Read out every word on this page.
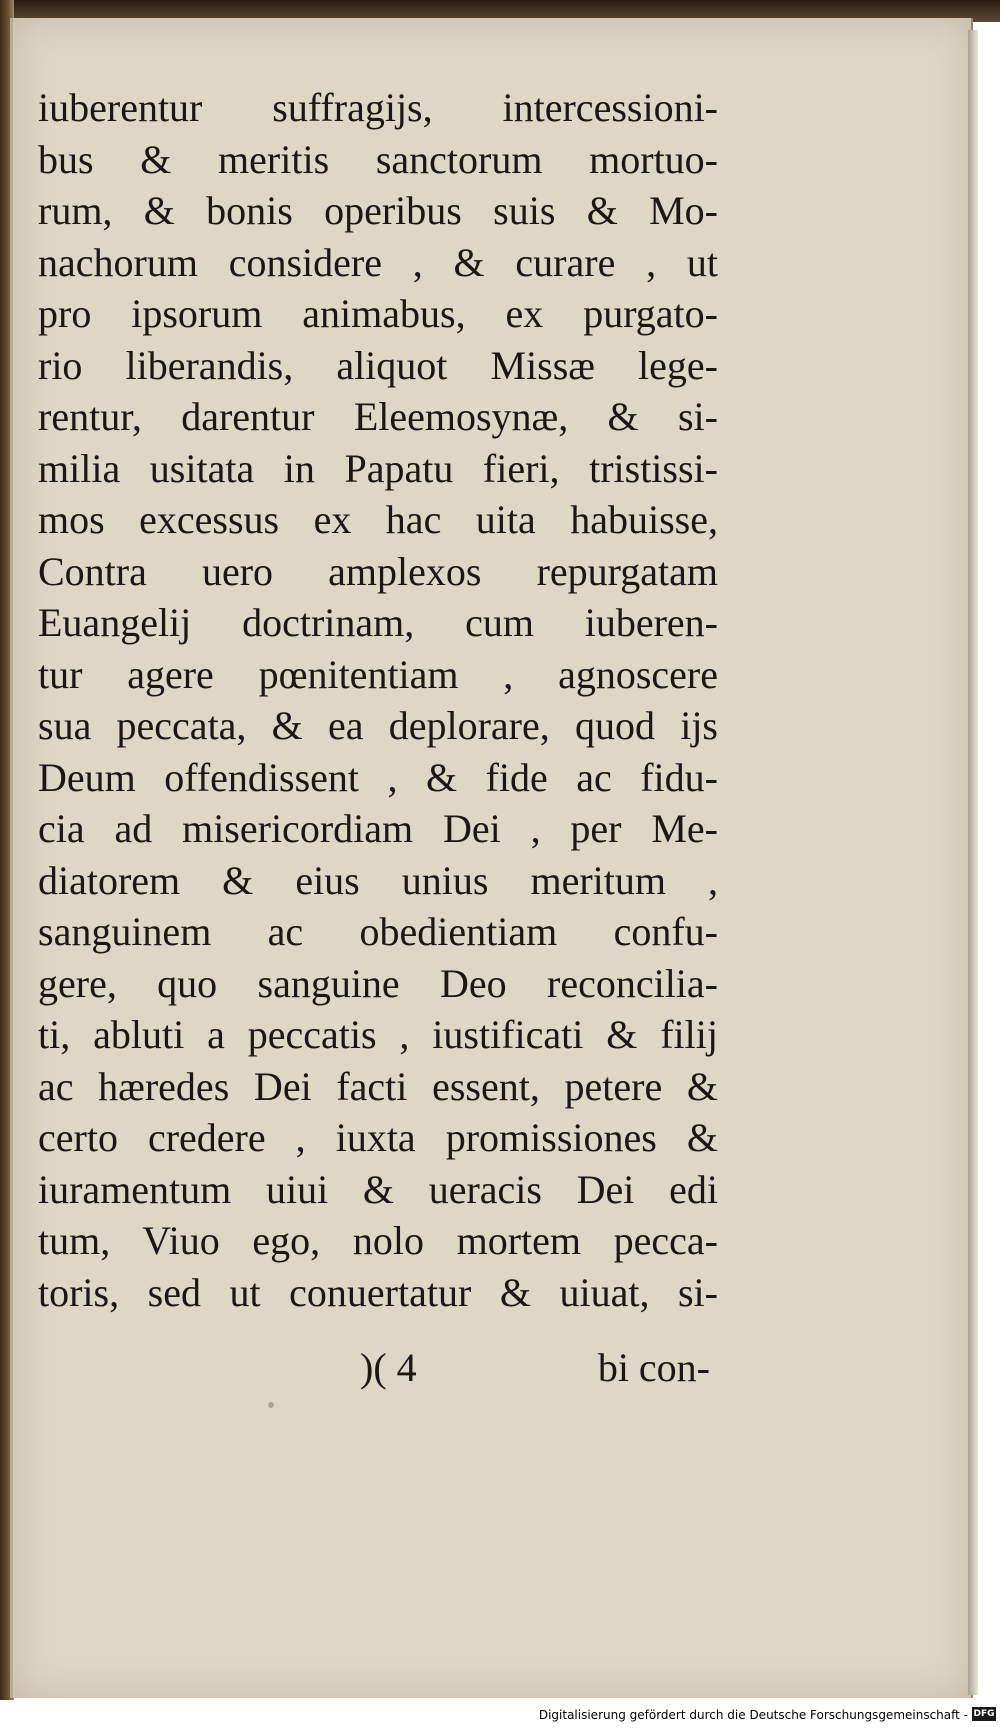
iuberentur suffragijs, intercessioni-
bus & meritis sanctorum mortuo-
rum, & bonis operibus suis & Mo-
nachorum considere , & curare , ut
pro ipsorum animabus, ex purgato-
rio liberandis, aliquot Missæ lege-
rentur, darentur Eleemosynæ, & si-
milia usitata in Papatu fieri, tristissi-
mos excessus ex hac uita habuisse,
Contra uero amplexos repurgatam
Euangelij doctrinam, cum iuberen-
tur agere pœnitentiam , agnoscere
sua peccata, & ea deplorare, quod ijs
Deum offendissent , & fide ac fidu-
cia ad misericordiam Dei , per Me-
diatorem & eius unius meritum ,
sanguinem ac obedientiam confu-
gere, quo sanguine Deo reconcilia-
ti, abluti a peccatis , iustificati & filij
ac hæredes Dei facti essent, petere &
certo credere , iuxta promissiones &
iuramentum uiui & ueracis Dei edi
tum, Viuo ego, nolo mortem pecca-
toris, sed ut conuertatur & uiuat, si-
)( 4	bi con-
Digitalisierung gefördert durch die Deutsche Forschungsgemeinschaft - DFG
